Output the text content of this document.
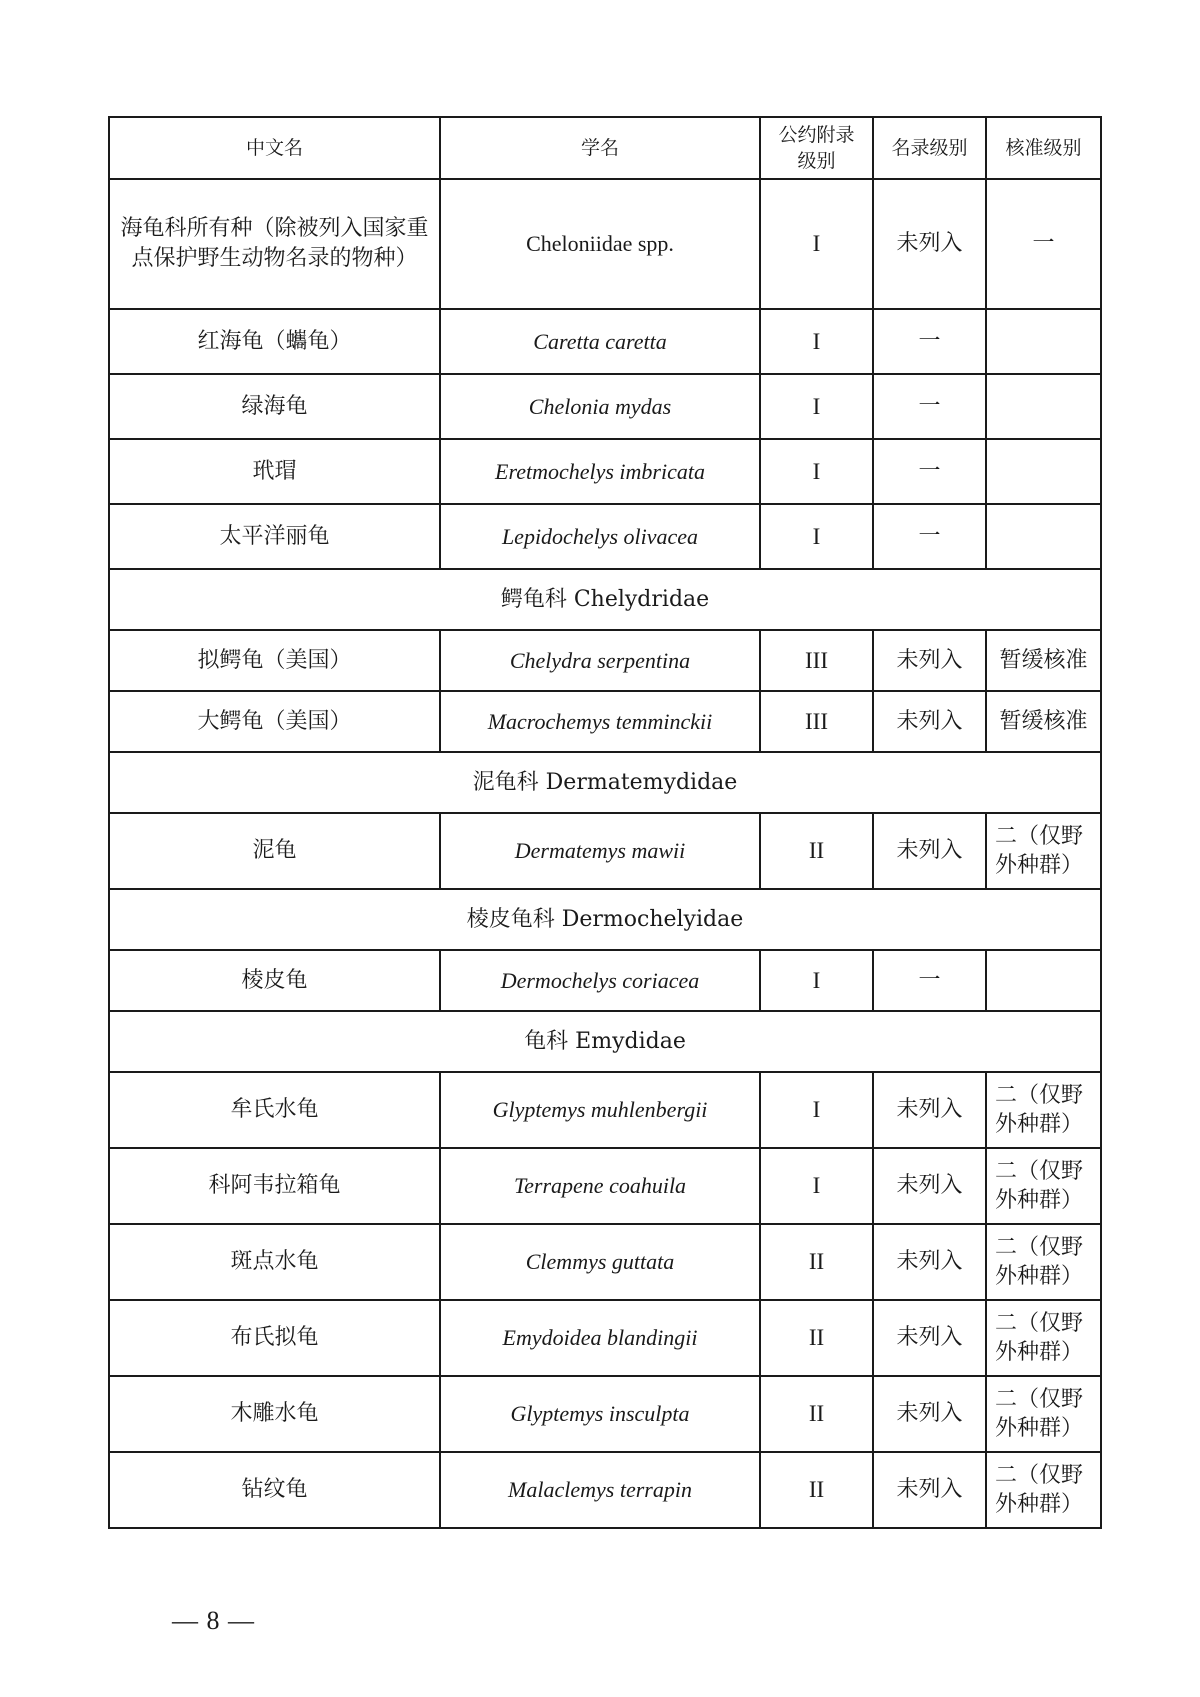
中文名	学名	公约附录级别	名录级别	核准级别
海龟科所有种（除被列入国家重点保护野生动物名录的物种）	Cheloniidae spp.	I	未列入	一
红海龟（蠵龟）	Caretta caretta	I	一	
绿海龟	Chelonia mydas	I	一	
玳瑁	Eretmochelys imbricata	I	一	
太平洋丽龟	Lepidochelys olivacea	I	一	
鳄龟科 Chelydridae				
拟鳄龟（美国）	Chelydra serpentina	III	未列入	暂缓核准
大鳄龟（美国）	Macrochemys temminckii	III	未列入	暂缓核准
泥龟科 Dermatemydidae				
泥龟	Dermatemys mawii	II	未列入	二（仅野外种群）
棱皮龟科 Dermochelyidae				
棱皮龟	Dermochelys coriacea	I	一	
龟科 Emydidae				
牟氏水龟	Glyptemys muhlenbergii	I	未列入	二（仅野外种群）
科阿韦拉箱龟	Terrapene coahuila	I	未列入	二（仅野外种群）
斑点水龟	Clemmys guttata	II	未列入	二（仅野外种群）
布氏拟龟	Emydoidea blandingii	II	未列入	二（仅野外种群）
木雕水龟	Glyptemys insculpta	II	未列入	二（仅野外种群）
钻纹龟	Malaclemys terrapin	II	未列入	二（仅野外种群）
— 8 —
